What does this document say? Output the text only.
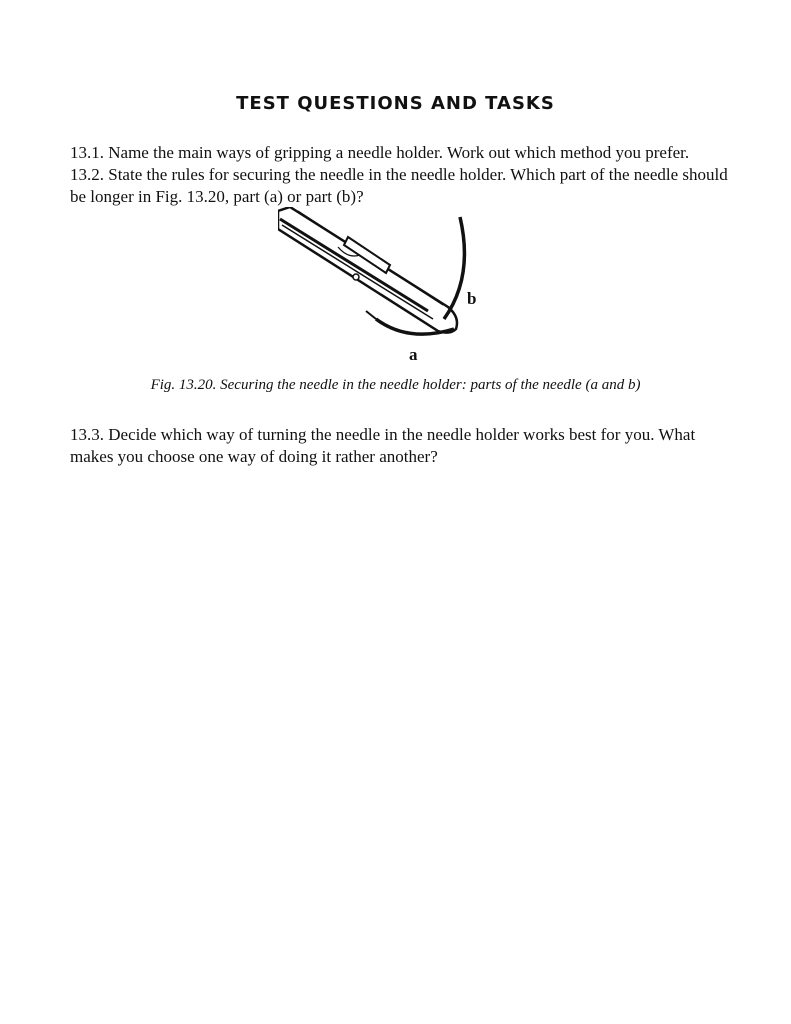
TEST QUESTIONS AND TASKS
13.1. Name the main ways of gripping a needle holder. Work out which method you prefer.
13.2. State the rules for securing the needle in the needle holder. Which part of the needle should be longer in Fig. 13.20, part (a) or part (b)?
b
a
Fig. 13.20. Securing the needle in the needle holder: parts of the needle (a and b)
13.3. Decide which way of turning the needle in the needle holder works best for you. What makes you choose one way of doing it rather another?
